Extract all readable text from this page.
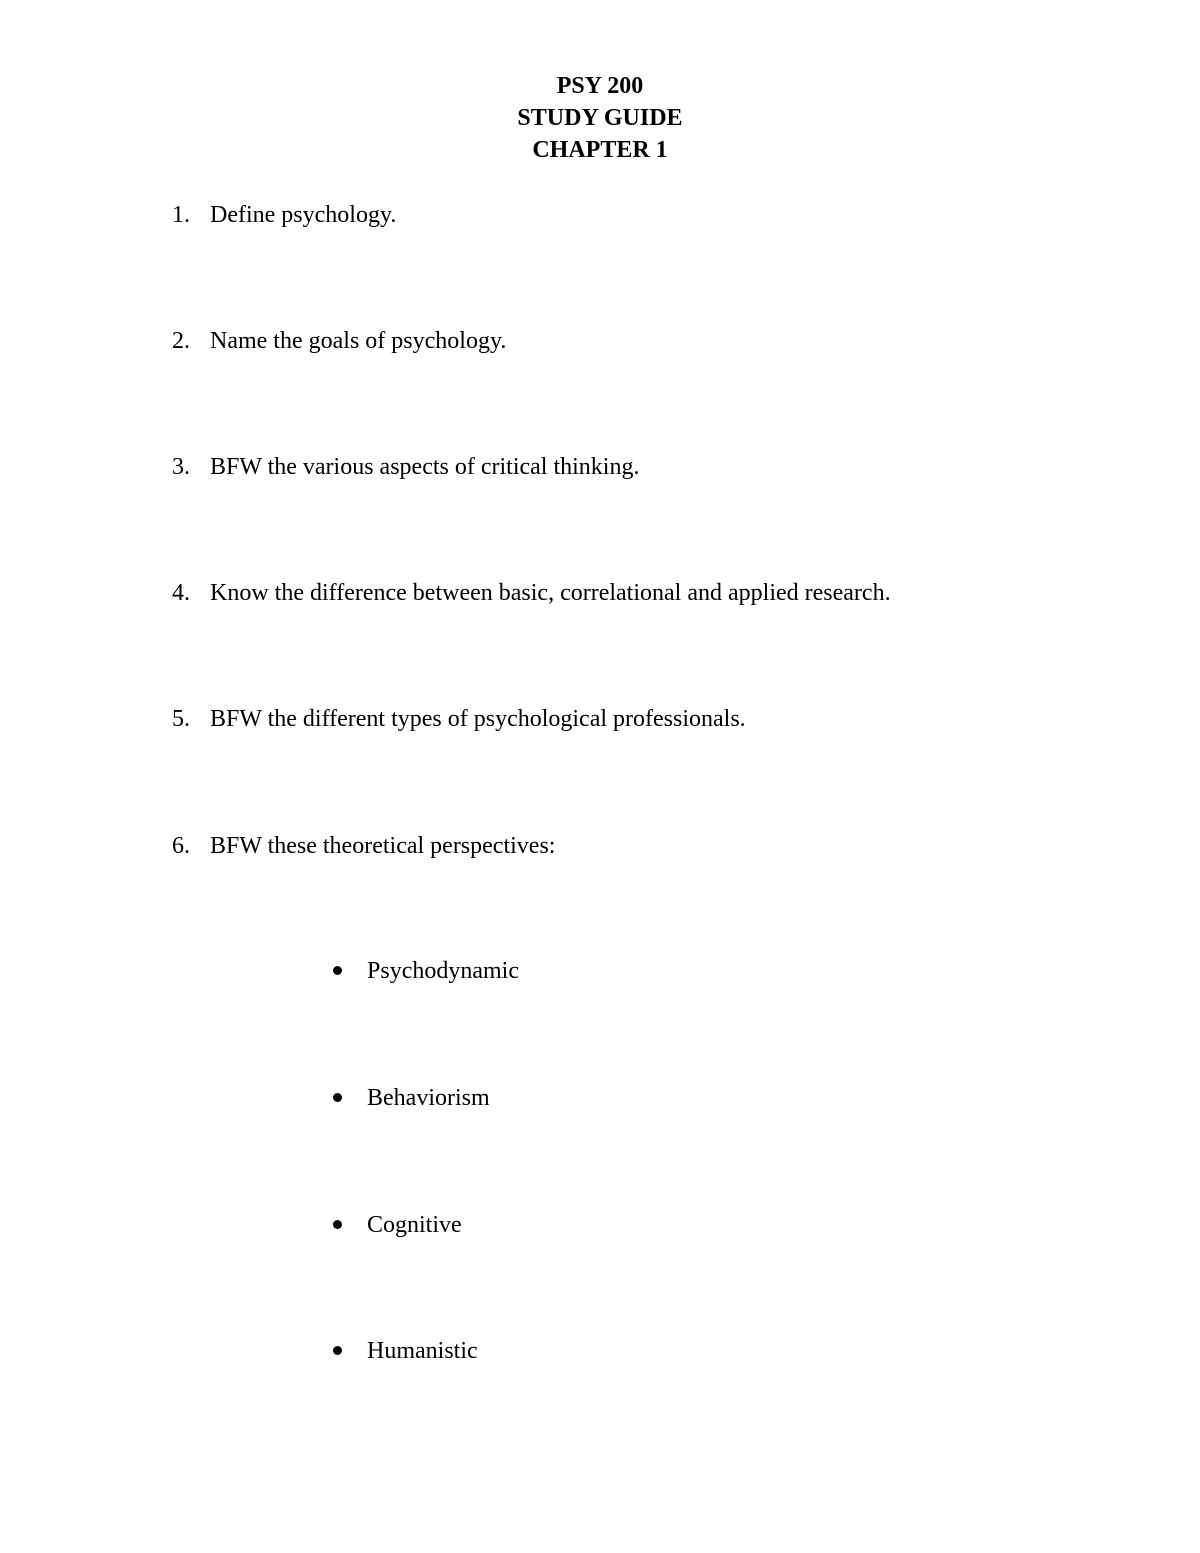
PSY 200
STUDY GUIDE
CHAPTER 1
1. Define psychology.
2. Name the goals of psychology.
3. BFW the various aspects of critical thinking.
4. Know the difference between basic, correlational and applied research.
5. BFW the different types of psychological professionals.
6. BFW these theoretical perspectives:
Psychodynamic
Behaviorism
Cognitive
Humanistic
